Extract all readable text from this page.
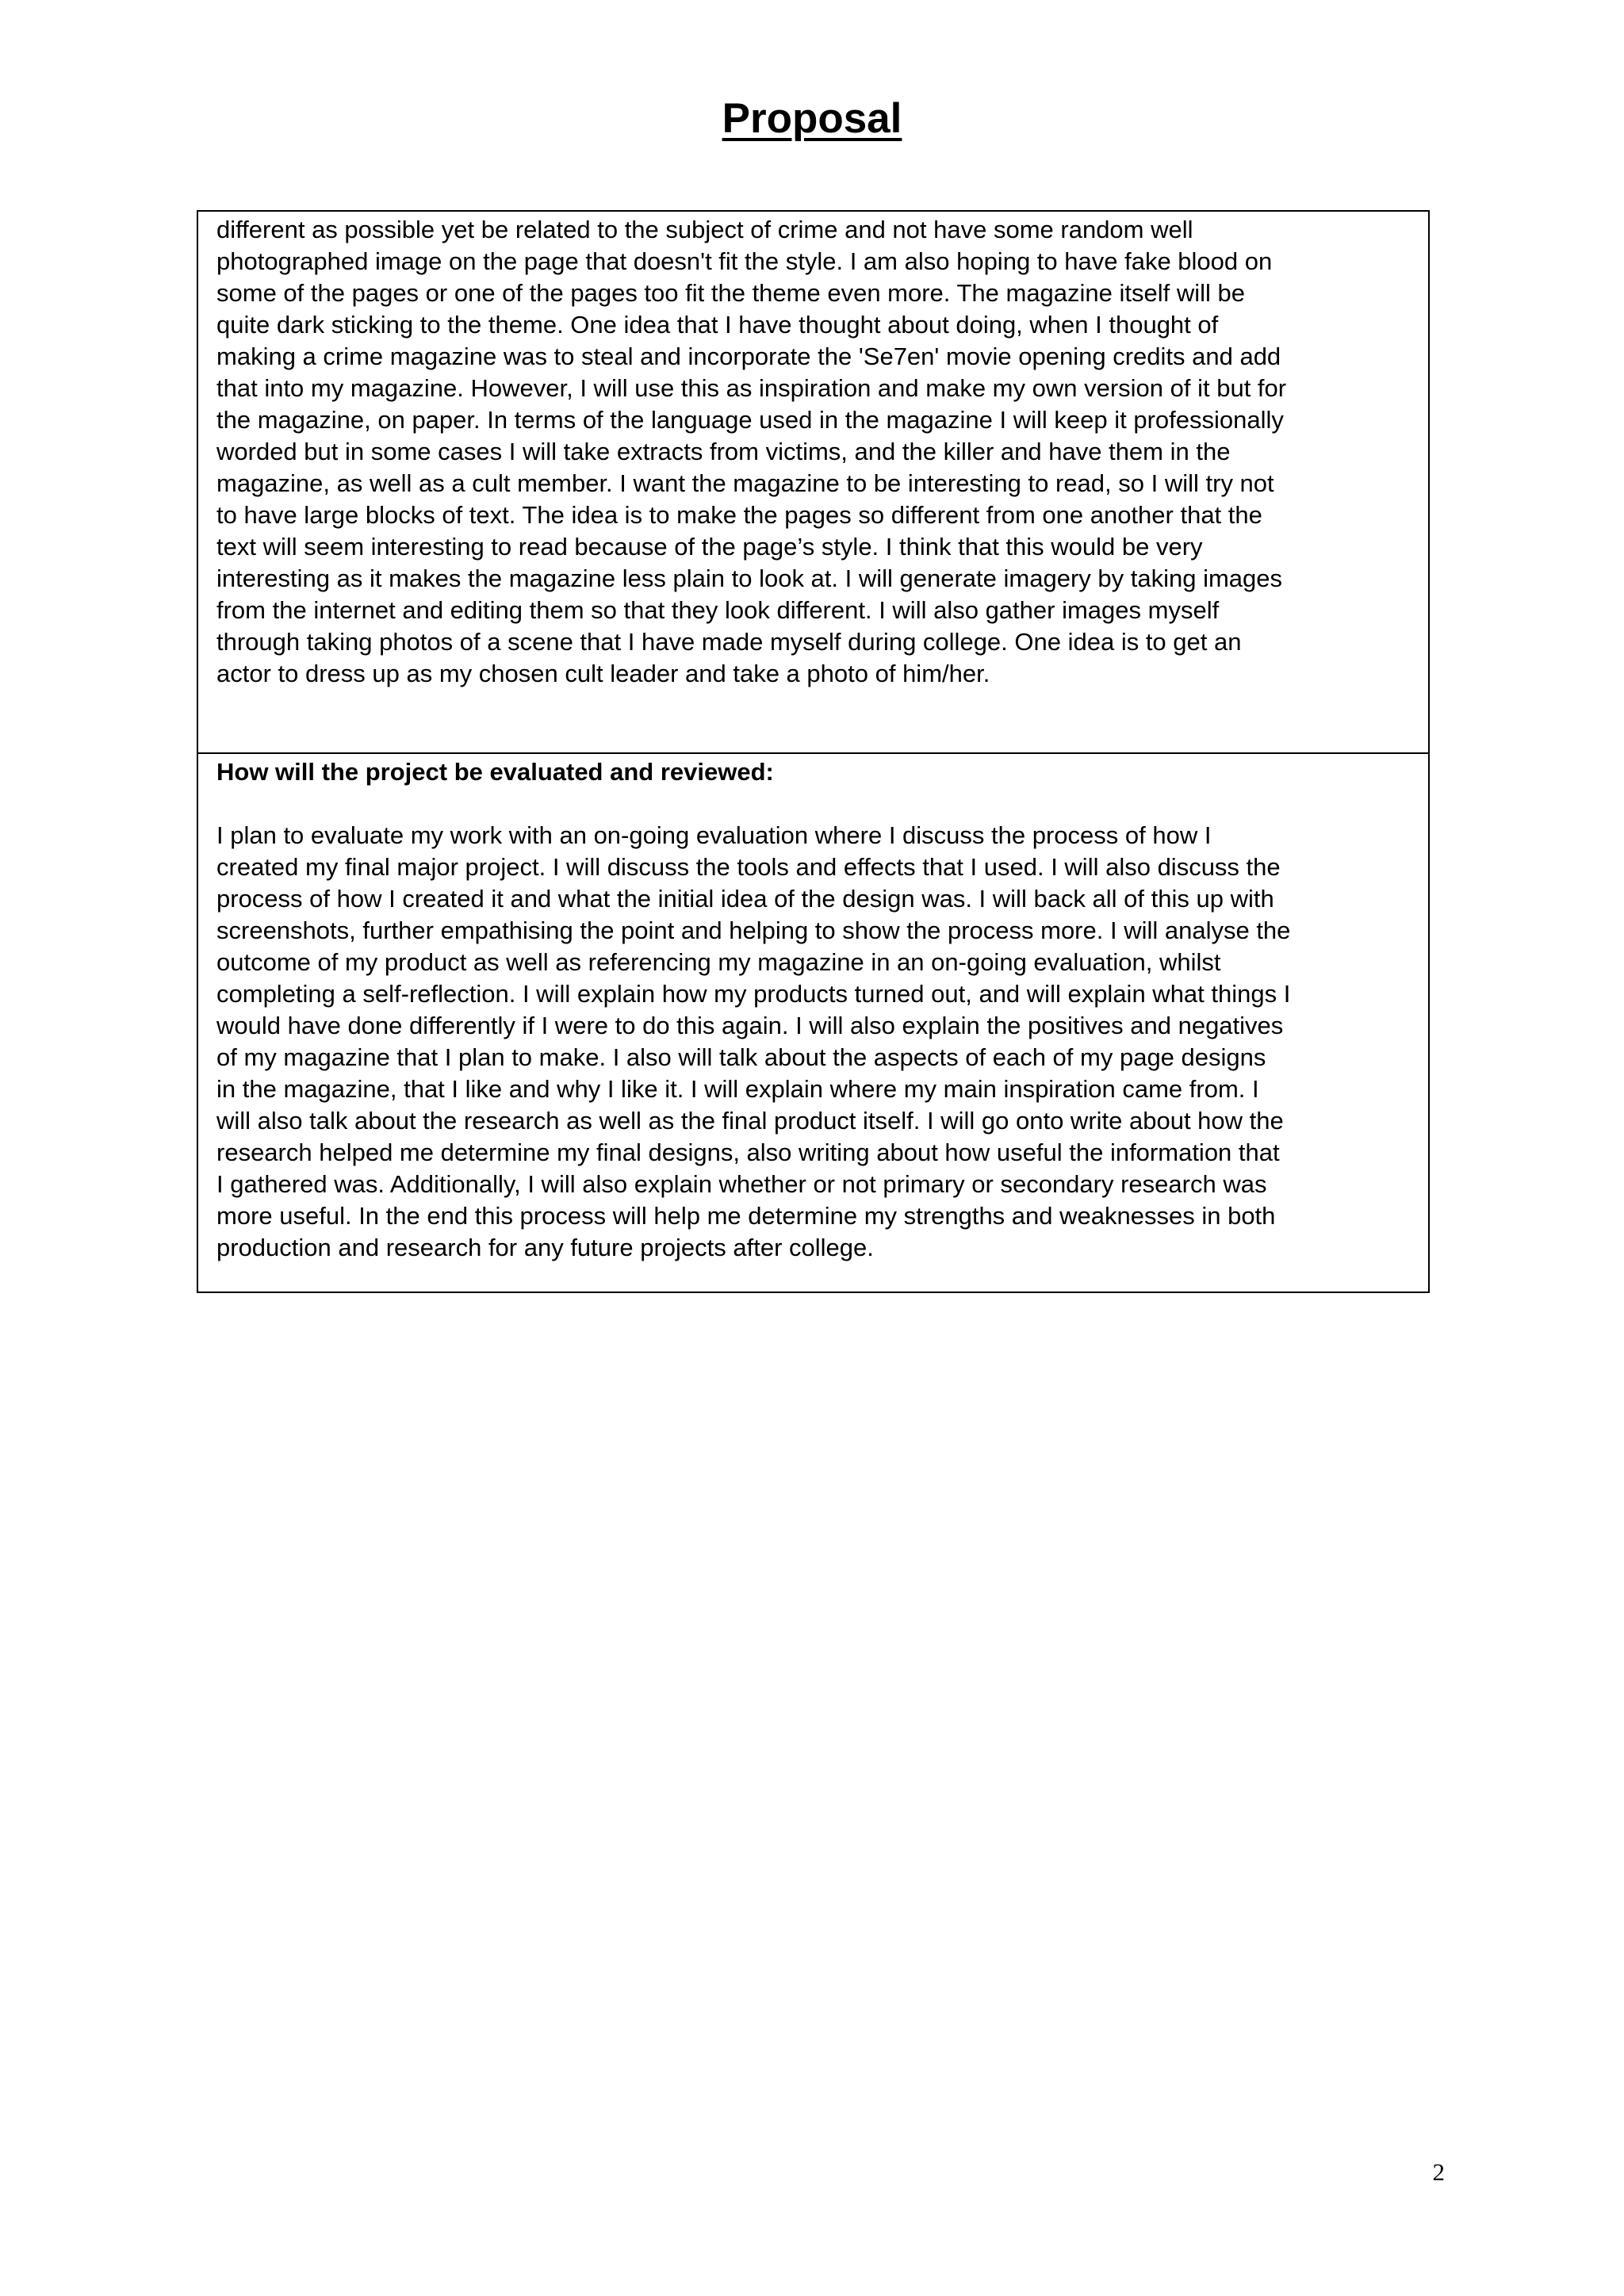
Proposal
different as possible yet be related to the subject of crime and not have some random well
photographed image on the page that doesn't fit the style. I am also hoping to have fake blood on
some of the pages or one of the pages too fit the theme even more. The magazine itself will be
quite dark sticking to the theme. One idea that I have thought about doing, when I thought of
making a crime magazine was to steal and incorporate the 'Se7en' movie opening credits and add
that into my magazine. However, I will use this as inspiration and make my own version of it but for
the magazine, on paper. In terms of the language used in the magazine I will keep it professionally
worded but in some cases I will take extracts from victims, and the killer and have them in the
magazine, as well as a cult member. I want the magazine to be interesting to read, so I will try not
to have large blocks of text. The idea is to make the pages so different from one another that the
text will seem interesting to read because of the page’s style. I think that this would be very
interesting as it makes the magazine less plain to look at. I will generate imagery by taking images
from the internet and editing them so that they look different. I will also gather images myself
through taking photos of a scene that I have made myself during college. One idea is to get an
actor to dress up as my chosen cult leader and take a photo of him/her.
How will the project be evaluated and reviewed:
I plan to evaluate my work with an on-going evaluation where I discuss the process of how I
created my final major project. I will discuss the tools and effects that I used. I will also discuss the
process of how I created it and what the initial idea of the design was. I will back all of this up with
screenshots, further empathising the point and helping to show the process more. I will analyse the
outcome of my product as well as referencing my magazine in an on-going evaluation, whilst
completing a self-reflection. I will explain how my products turned out, and will explain what things I
would have done differently if I were to do this again. I will also explain the positives and negatives
of my magazine that I plan to make. I also will talk about the aspects of each of my page designs
in the magazine, that I like and why I like it. I will explain where my main inspiration came from. I
will also talk about the research as well as the final product itself. I will go onto write about how the
research helped me determine my final designs, also writing about how useful the information that
I gathered was. Additionally, I will also explain whether or not primary or secondary research was
more useful. In the end this process will help me determine my strengths and weaknesses in both
production and research for any future projects after college.
2
